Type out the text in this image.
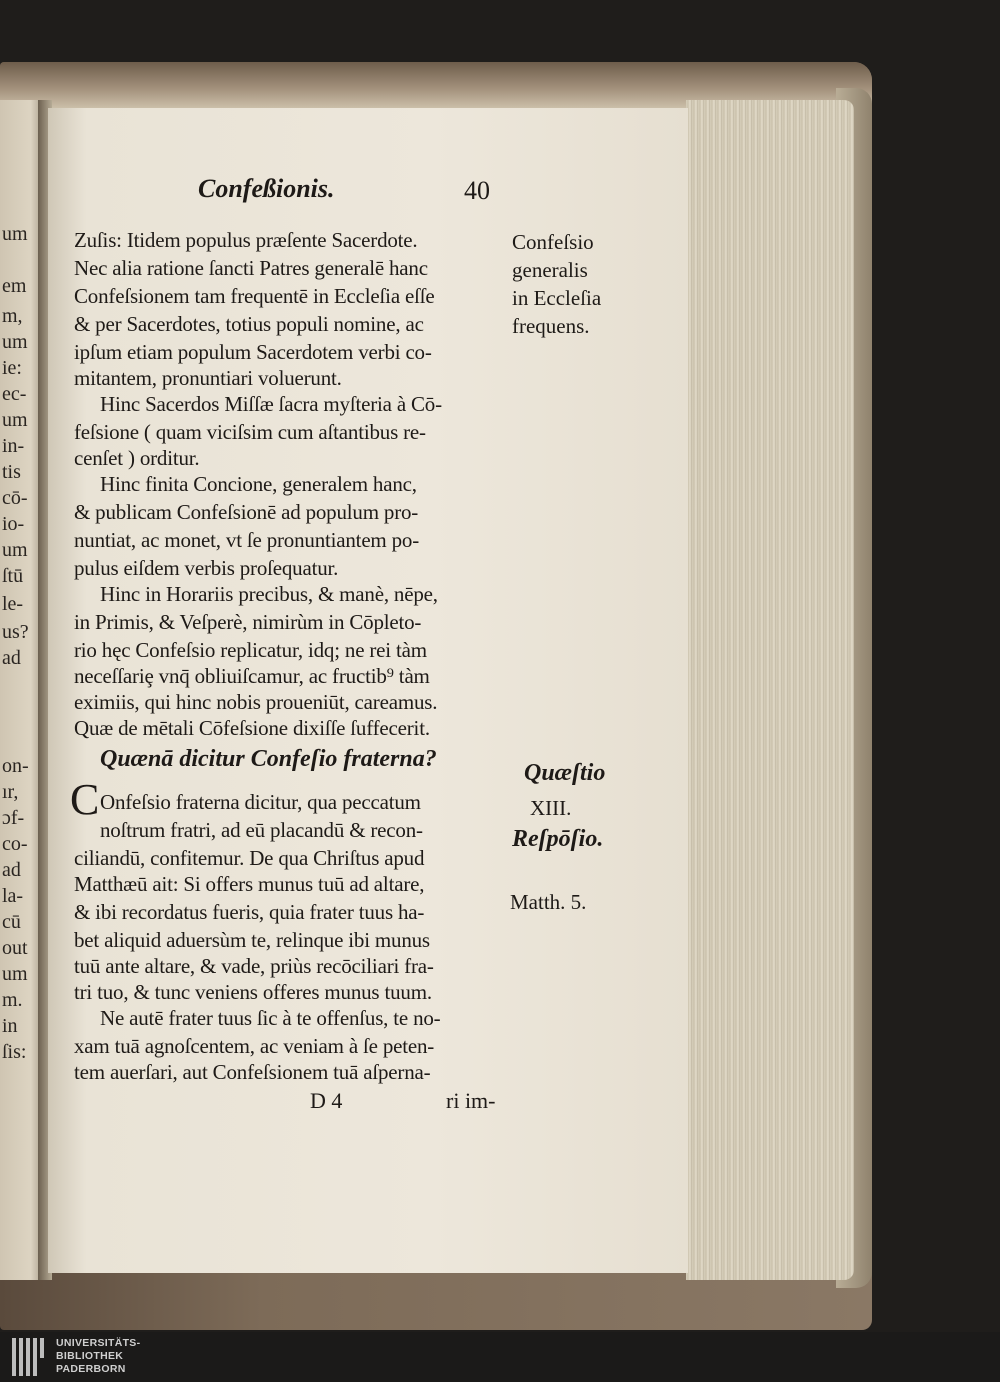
um
em
m,
um
ie:
ec-
um
in-
tis
cō-
io-
um
ſtū
le-
us?
ad
on-
ır,
ɔf-
co-
ad
la-
cū
out
um
m.
in
ſis:
Confeßionis.	40
Zuſis: Itidem populus præſente Sacerdote.
Nec alia ratione ſancti Patres generalē hanc
Confeſsionem tam frequentē in Eccleſia eſſe
& per Sacerdotes, totius populi nomine, ac
ipſum etiam populum Sacerdotem verbi co-
mitantem, pronuntiari voluerunt.
Hinc Sacerdos Miſſæ ſacra myſteria à Cō-
feſsione ( quam viciſsim cum aſtantibus re-
cenſet ) orditur.
Hinc finita Concione, generalem hanc,
& publicam Confeſsionē ad populum pro-
nuntiat, ac monet, vt ſe pronuntiantem po-
pulus eiſdem verbis proſequatur.
Hinc in Horariis precibus, & manè, nēpe,
in Primis, & Veſperè, nimirùm in Cōpleto-
rio hęc Confeſsio replicatur, idq; ne rei tàm
neceſſariȩ vnq̄ obliuiſcamur, ac fructib⁹ tàm
eximiis, qui hinc nobis proueniūt, careamus.
Quæ de mētali Cōfeſsione dixiſſe ſuffecerit.
Quænā dicitur Confeſio fraterna?
C Onfeſsio fraterna dicitur, qua peccatum
noſtrum fratri, ad eū placandū & recon-
ciliandū, confitemur. De qua Chriſtus apud
Matthæū ait: Si offers munus tuū ad altare,
& ibi recordatus fueris, quia frater tuus ha-
bet aliquid aduersùm te, relinque ibi munus
tuū ante altare, & vade, priùs recōciliari fra-
tri tuo, & tunc veniens offeres munus tuum.
Ne autē frater tuus ſic à te offenſus, te no-
xam tuā agnoſcentem, ac veniam à ſe peten-
tem auerſari, aut Confeſsionem tuā aſperna-
Confeſsio
generalis
in Eccleſia
frequens.
Quæſtio
XIII.
Reſpōſio.
Matth. 5.
D 4	ri im-
UNIVERSITÄTS-
BIBLIOTHEK
PADERBORN
